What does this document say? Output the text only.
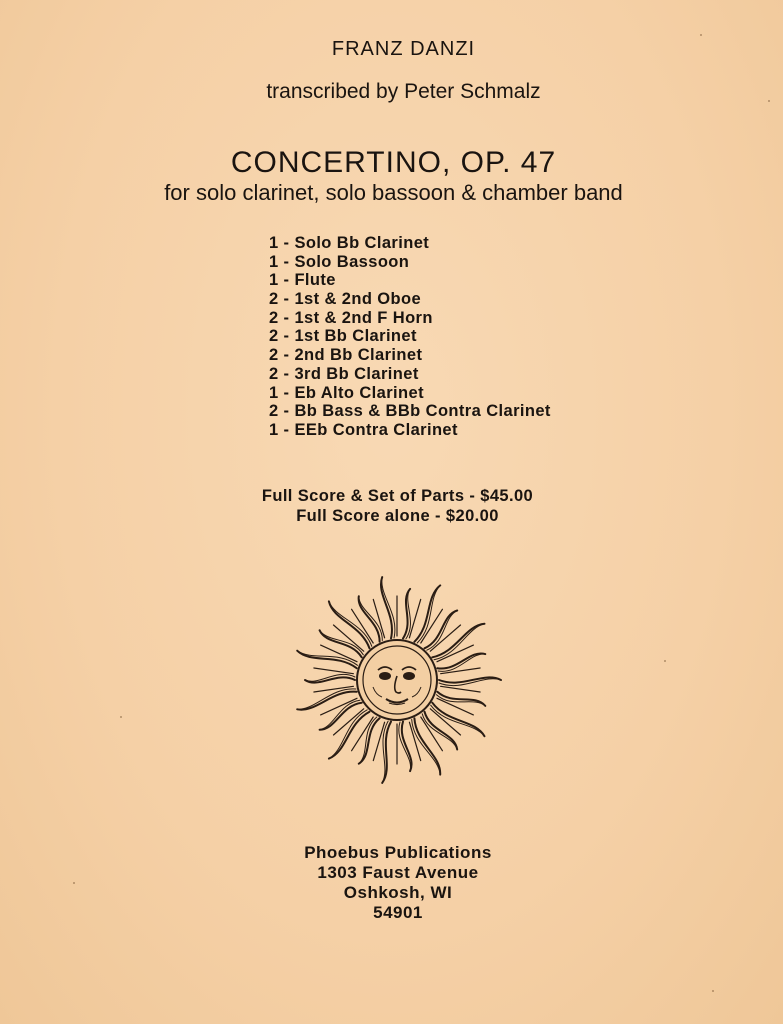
FRANZ DANZI
transcribed by Peter Schmalz
CONCERTINO, OP. 47
for solo clarinet, solo bassoon & chamber band
1 - Solo Bb Clarinet
1 - Solo Bassoon
1 - Flute
2 - 1st & 2nd Oboe
2 - 1st & 2nd F Horn
2 - 1st Bb Clarinet
2 - 2nd Bb Clarinet
2 - 3rd Bb Clarinet
1 - Eb Alto Clarinet
2 - Bb Bass & BBb Contra Clarinet
1 - EEb Contra Clarinet
Full Score & Set of Parts - $45.00
Full Score alone - $20.00
Phoebus Publications
1303 Faust Avenue
Oshkosh, WI
54901
